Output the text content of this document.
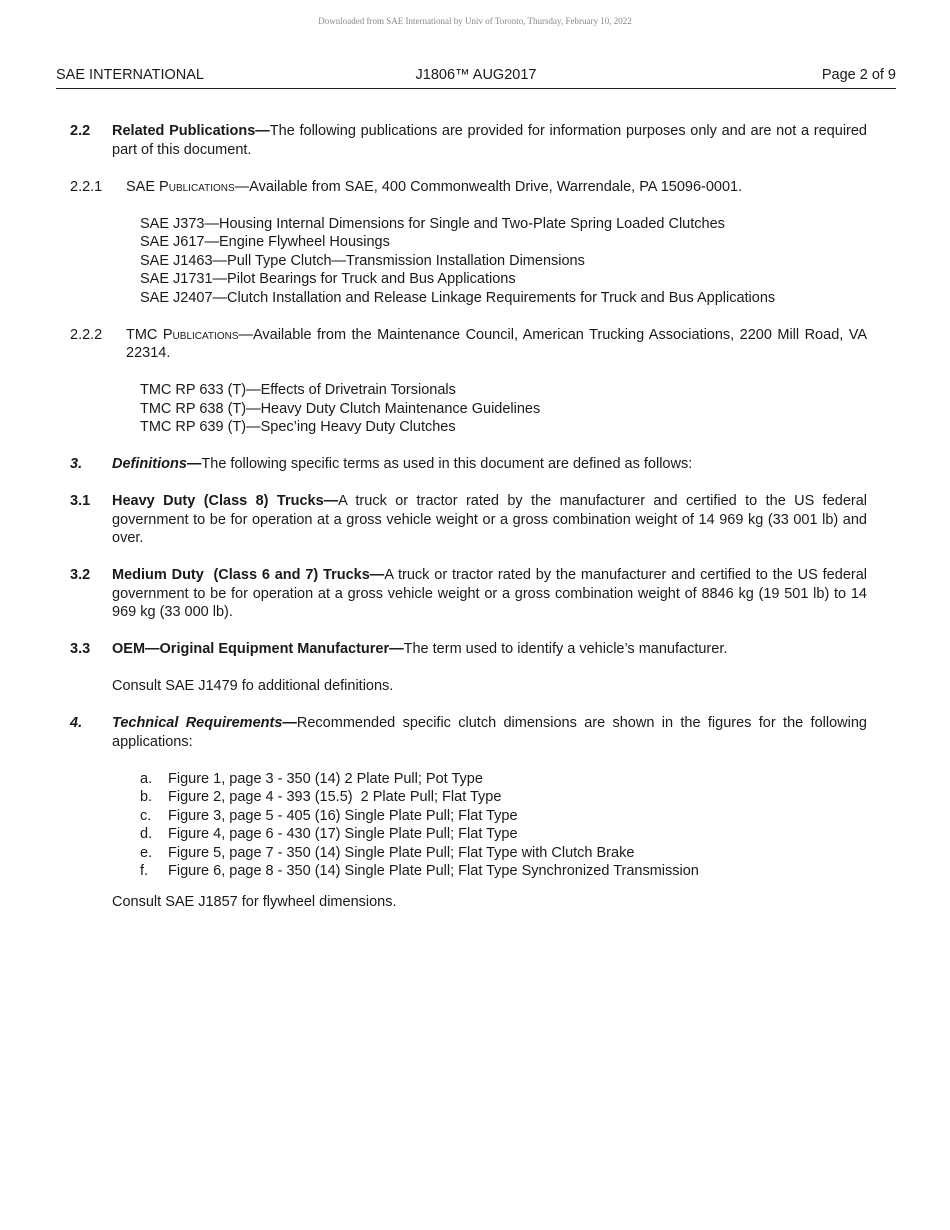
Downloaded from SAE International by Univ of Toronto, Thursday, February 10, 2022
SAE INTERNATIONAL	J1806™ AUG2017	Page 2 of 9
2.2 Related Publications—The following publications are provided for information purposes only and are not a required part of this document.
2.2.1 SAE Publications—Available from SAE, 400 Commonwealth Drive, Warrendale, PA 15096-0001.
SAE J373—Housing Internal Dimensions for Single and Two-Plate Spring Loaded Clutches
SAE J617—Engine Flywheel Housings
SAE J1463—Pull Type Clutch—Transmission Installation Dimensions
SAE J1731—Pilot Bearings for Truck and Bus Applications
SAE J2407—Clutch Installation and Release Linkage Requirements for Truck and Bus Applications
2.2.2 TMC Publications—Available from the Maintenance Council, American Trucking Associations, 2200 Mill Road, VA 22314.
TMC RP 633 (T)—Effects of Drivetrain Torsionals
TMC RP 638 (T)—Heavy Duty Clutch Maintenance Guidelines
TMC RP 639 (T)—Spec’ing Heavy Duty Clutches
3. Definitions—The following specific terms as used in this document are defined as follows:
3.1 Heavy Duty (Class 8) Trucks—A truck or tractor rated by the manufacturer and certified to the US federal government to be for operation at a gross vehicle weight or a gross combination weight of 14 969 kg (33 001 lb) and over.
3.2 Medium Duty  (Class 6 and 7) Trucks—A truck or tractor rated by the manufacturer and certified to the US federal government to be for operation at a gross vehicle weight or a gross combination weight of 8846 kg (19 501 lb) to 14 969 kg (33 000 lb).
3.3 OEM—Original Equipment Manufacturer—The term used to identify a vehicle’s manufacturer.
Consult SAE J1479 fo additional definitions.
4. Technical Requirements—Recommended specific clutch dimensions are shown in the figures for the following applications:
a. Figure 1, page 3 - 350 (14) 2 Plate Pull; Pot Type
b. Figure 2, page 4 - 393 (15.5)  2 Plate Pull; Flat Type
c. Figure 3, page 5 - 405 (16) Single Plate Pull; Flat Type
d. Figure 4, page 6 - 430 (17) Single Plate Pull; Flat Type
e. Figure 5, page 7 - 350 (14) Single Plate Pull; Flat Type with Clutch Brake
f. Figure 6, page 8 - 350 (14) Single Plate Pull; Flat Type Synchronized Transmission
Consult SAE J1857 for flywheel dimensions.
